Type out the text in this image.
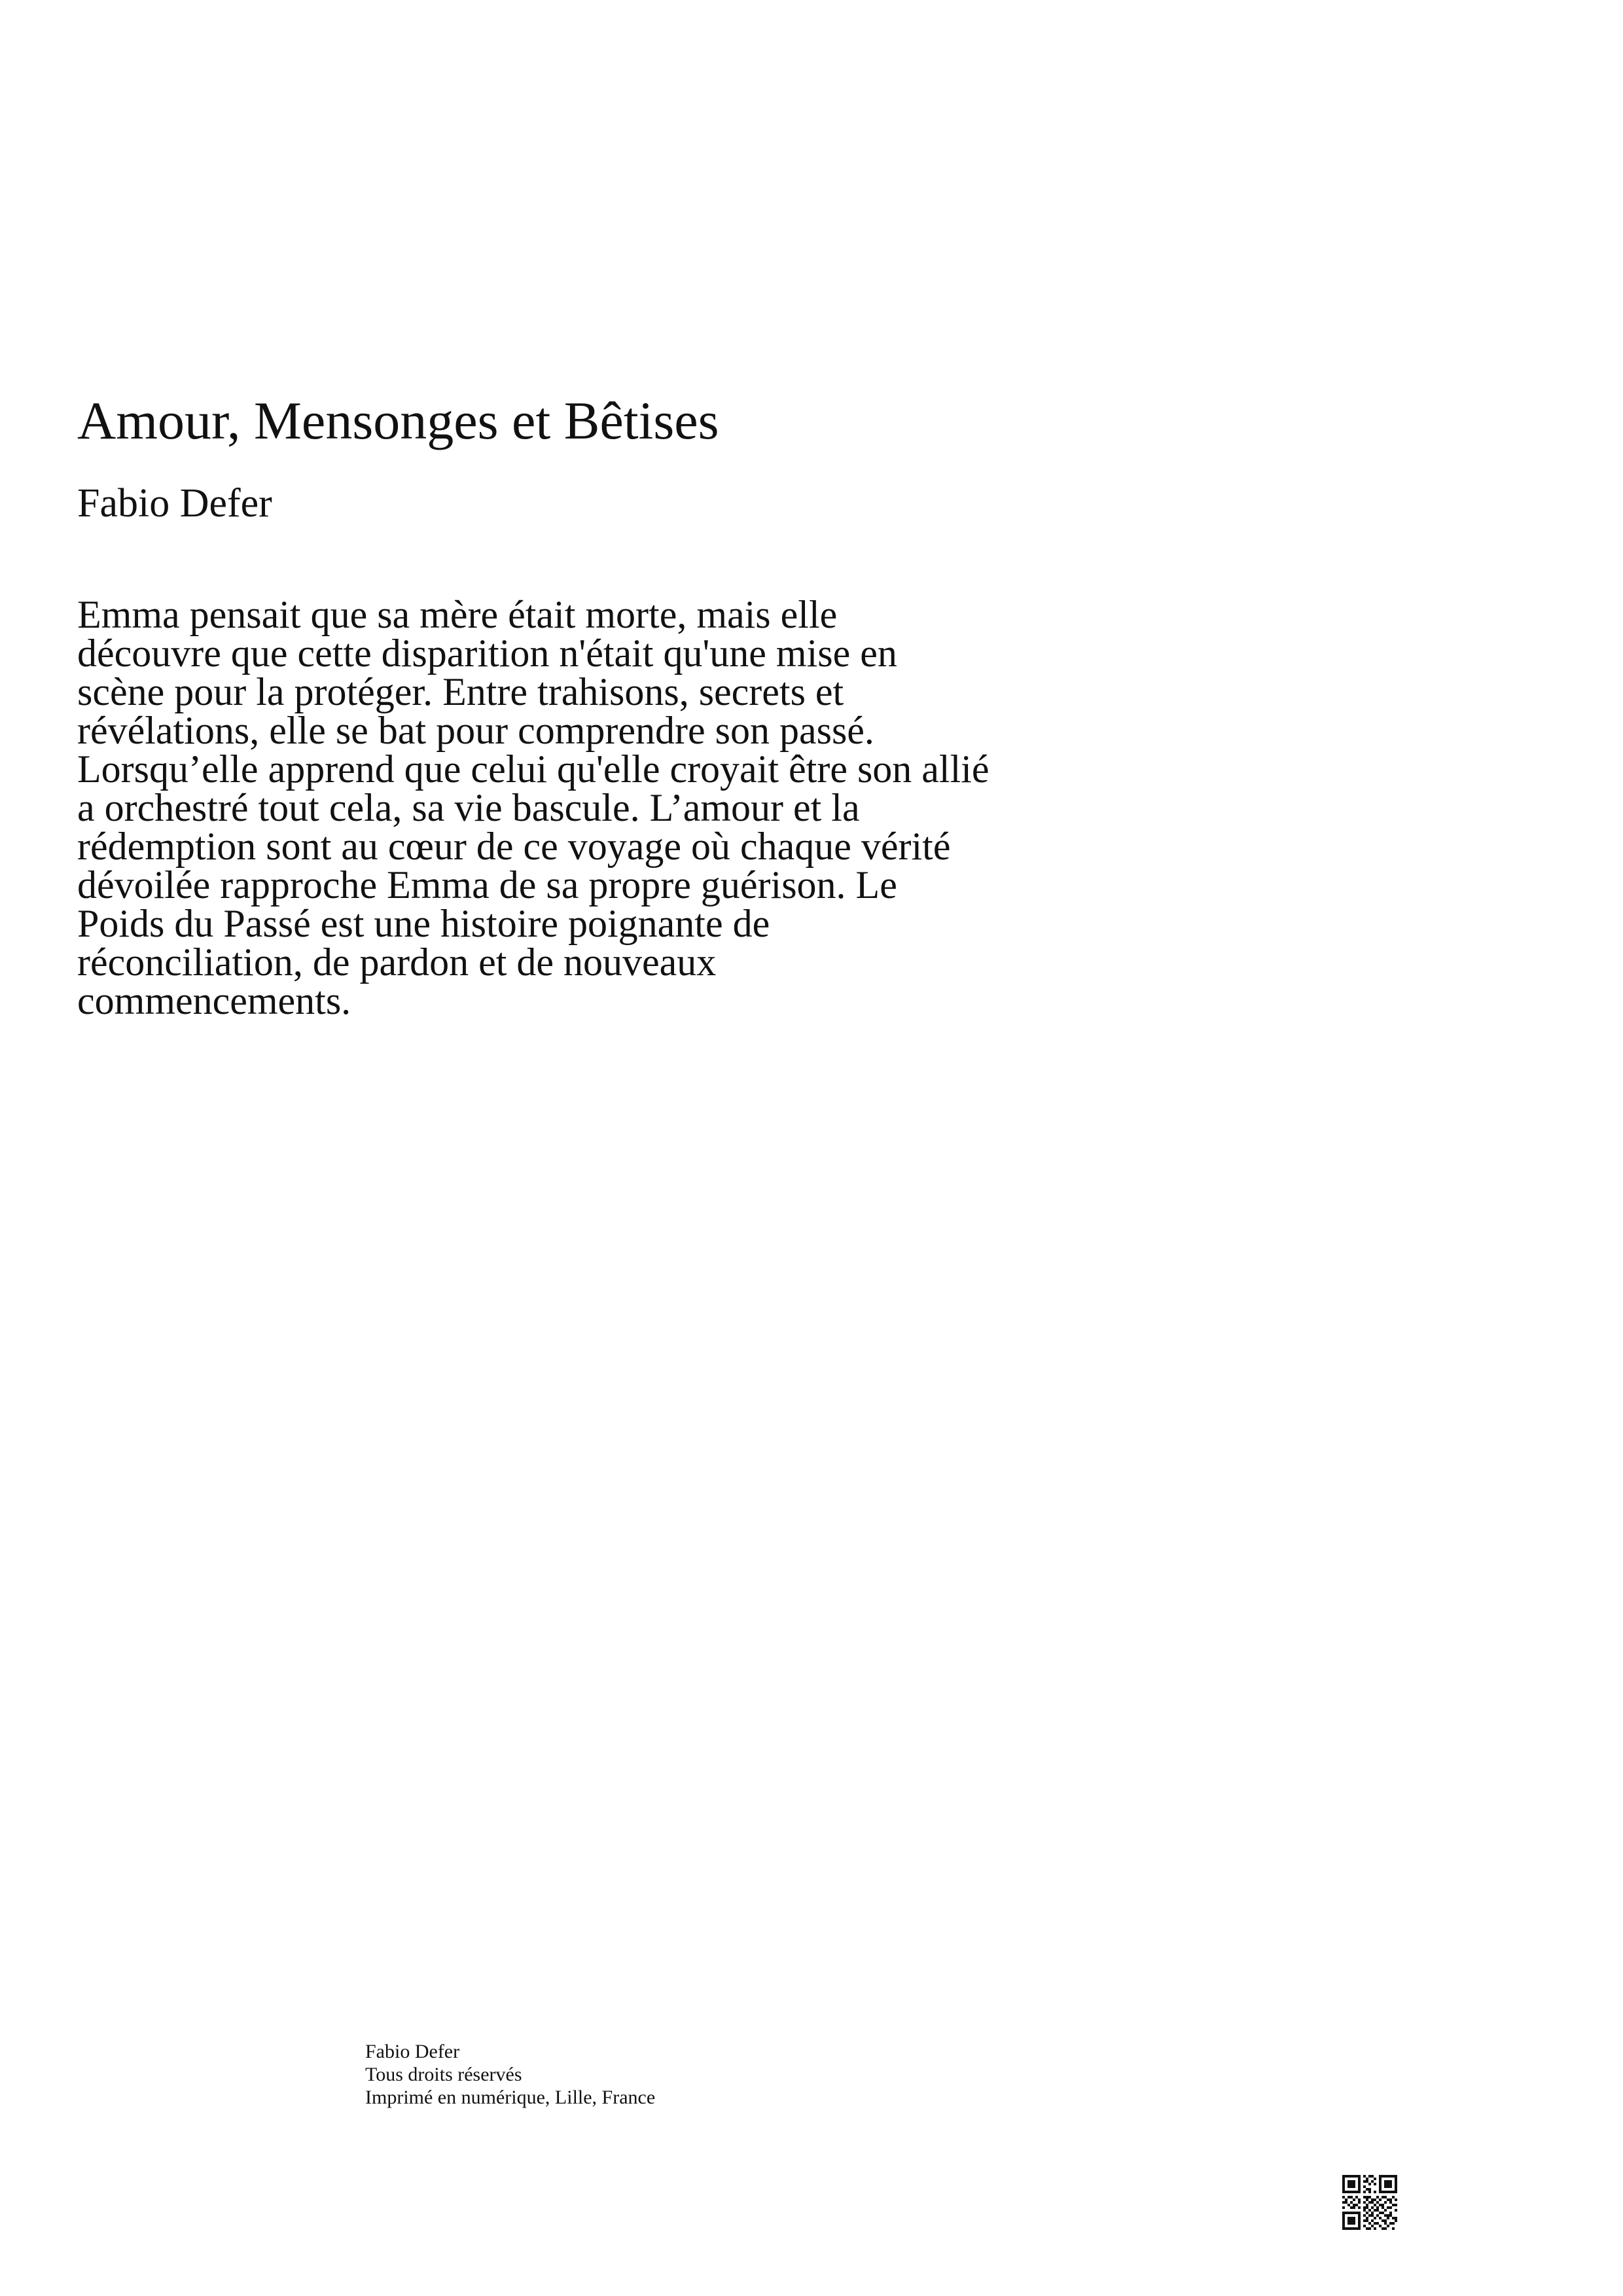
Amour, Mensonges et Bêtises
Fabio Defer
Emma pensait que sa mère était morte, mais elle
découvre que cette disparition n'était qu'une mise en
scène pour la protéger. Entre trahisons, secrets et
révélations, elle se bat pour comprendre son passé.
Lorsqu’elle apprend que celui qu'elle croyait être son allié
a orchestré tout cela, sa vie bascule. L’amour et la
rédemption sont au cœur de ce voyage où chaque vérité
dévoilée rapproche Emma de sa propre guérison. Le
Poids du Passé est une histoire poignante de
réconciliation, de pardon et de nouveaux
commencements.
Fabio Defer
Tous droits réservés
Imprimé en numérique, Lille, France
